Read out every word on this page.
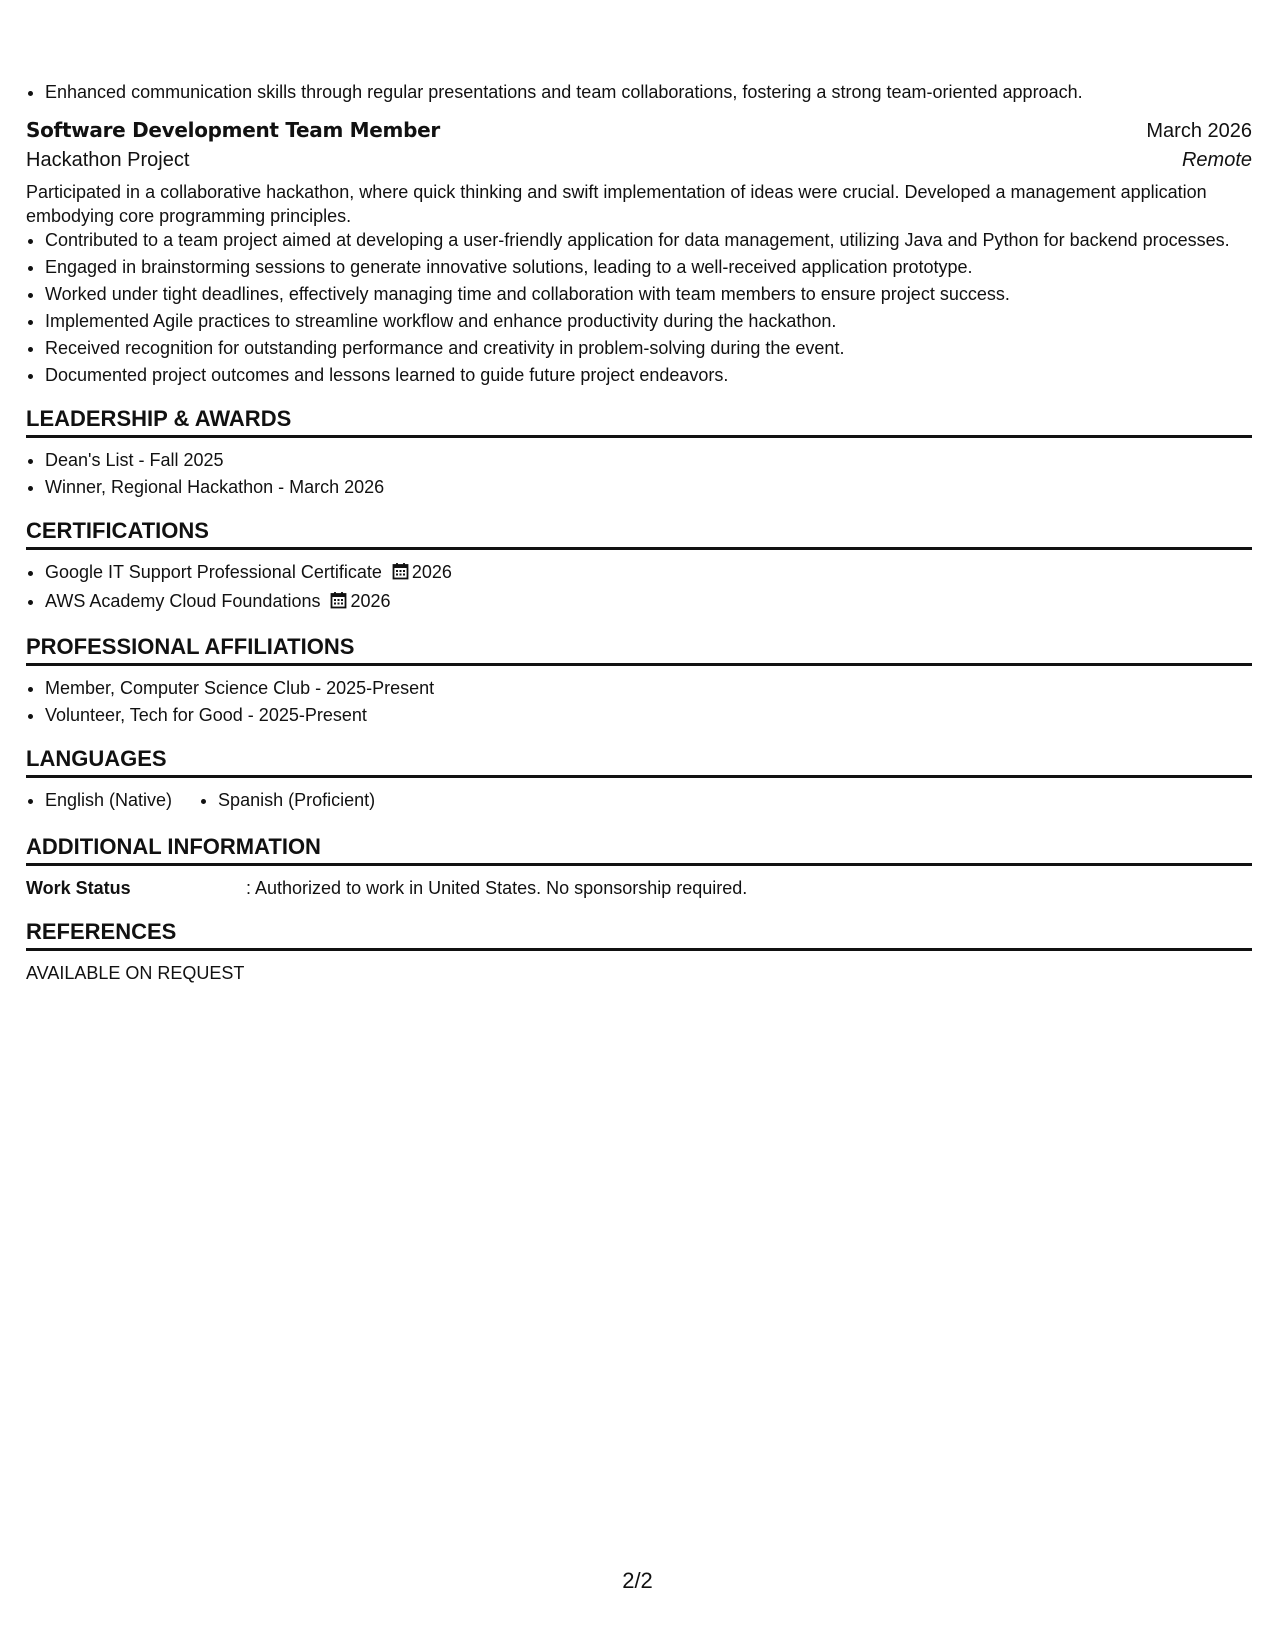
• Enhanced communication skills through regular presentations and team collaborations, fostering a strong team-oriented approach.
Software Development Team Member	March 2026
Hackathon Project	Remote
Participated in a collaborative hackathon, where quick thinking and swift implementation of ideas were crucial. Developed a management application embodying core programming principles.
• Contributed to a team project aimed at developing a user-friendly application for data management, utilizing Java and Python for backend processes.
• Engaged in brainstorming sessions to generate innovative solutions, leading to a well-received application prototype.
• Worked under tight deadlines, effectively managing time and collaboration with team members to ensure project success.
• Implemented Agile practices to streamline workflow and enhance productivity during the hackathon.
• Received recognition for outstanding performance and creativity in problem-solving during the event.
• Documented project outcomes and lessons learned to guide future project endeavors.
LEADERSHIP & AWARDS
• Dean's List - Fall 2025
• Winner, Regional Hackathon - March 2026
CERTIFICATIONS
• Google IT Support Professional Certificate 2026
• AWS Academy Cloud Foundations 2026
PROFESSIONAL AFFILIATIONS
• Member, Computer Science Club - 2025-Present
• Volunteer, Tech for Good - 2025-Present
LANGUAGES
• English (Native)
•	Spanish (Proficient)
ADDITIONAL INFORMATION
Work Status	: Authorized to work in United States. No sponsorship required.
REFERENCES
AVAILABLE ON REQUEST
2/2
